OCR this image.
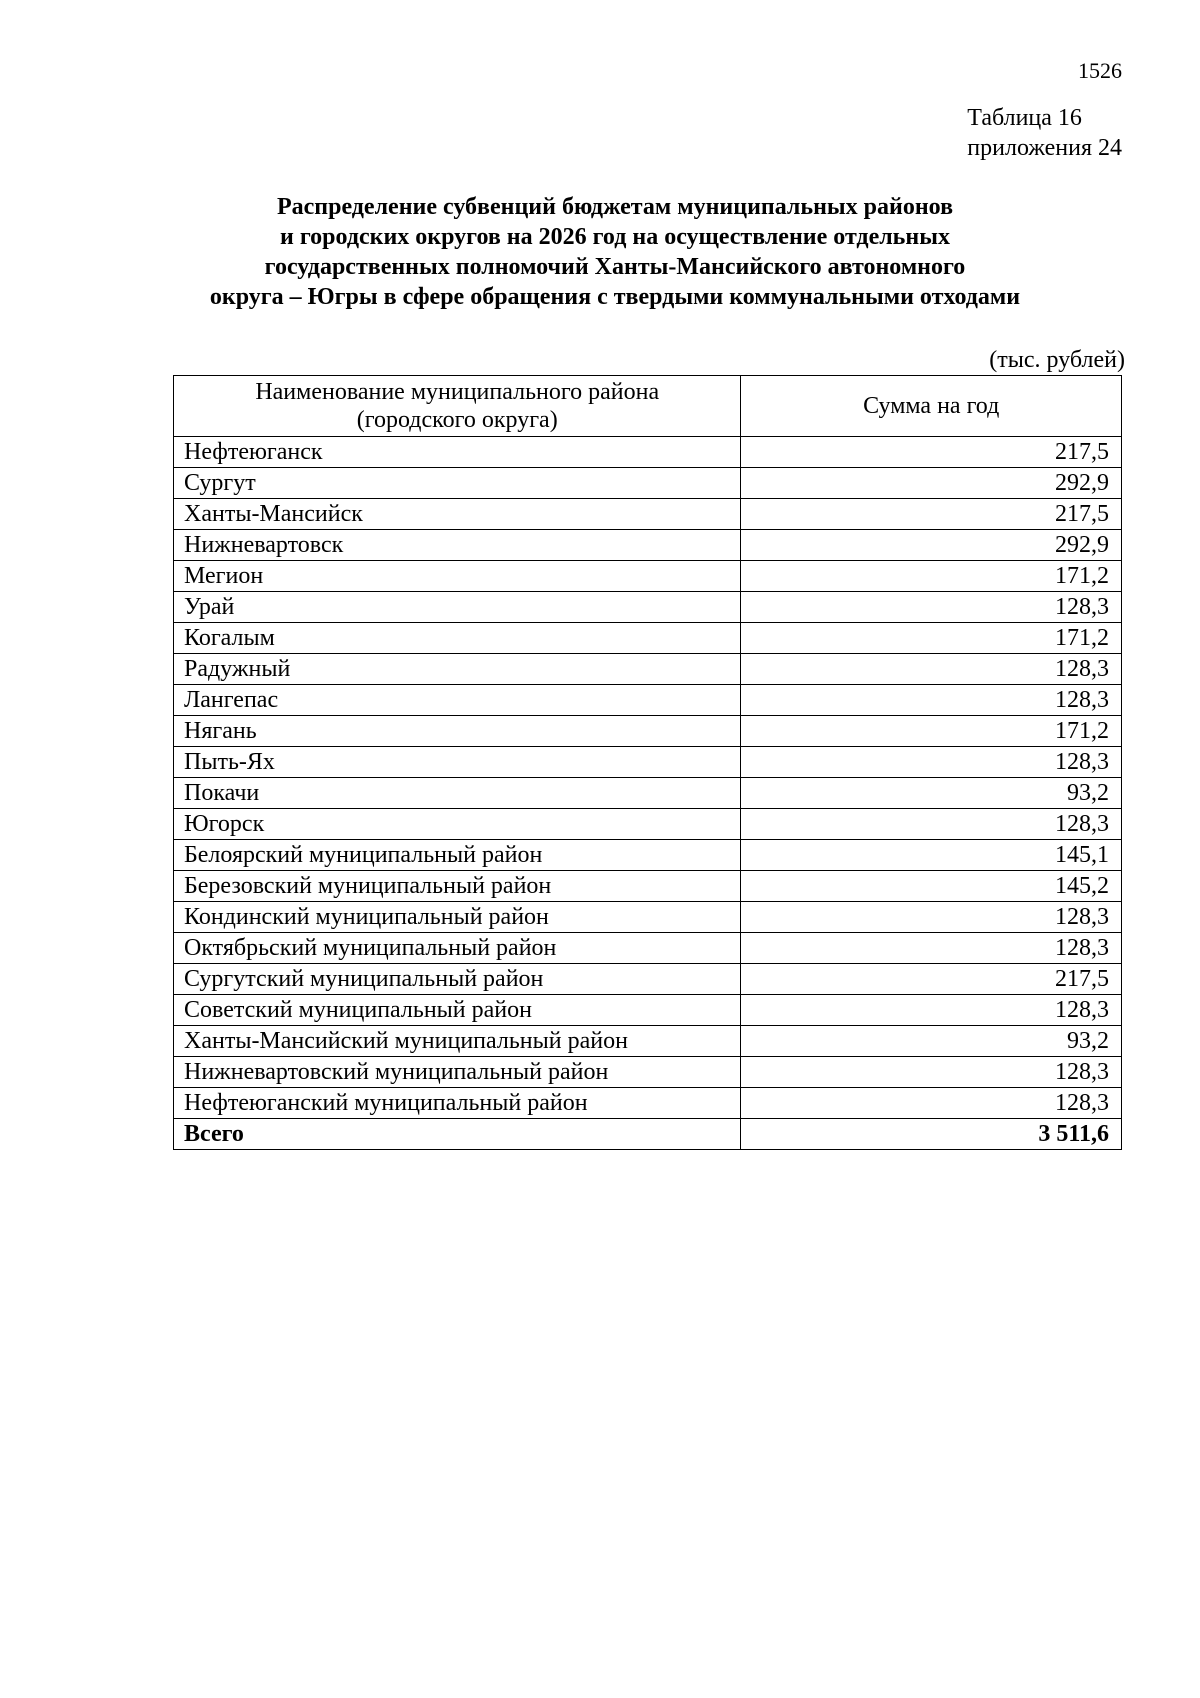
1526
Таблица 16
приложения 24
Распределение субвенций бюджетам муниципальных районов
и городских округов на 2026 год на осуществление отдельных
государственных полномочий Ханты-Мансийского автономного
округа – Югры в сфере обращения с твердыми коммунальными отходами
(тыс. рублей)
Наименование муниципального района
(городского округа)	Сумма на год
Нефтеюганск	217,5
Сургут	292,9
Ханты-Мансийск	217,5
Нижневартовск	292,9
Мегион	171,2
Урай	128,3
Когалым	171,2
Радужный	128,3
Лангепас	128,3
Нягань	171,2
Пыть-Ях	128,3
Покачи	93,2
Югорск	128,3
Белоярский муниципальный район	145,1
Березовский муниципальный район	145,2
Кондинский муниципальный район	128,3
Октябрьский муниципальный район	128,3
Сургутский муниципальный район	217,5
Советский муниципальный район	128,3
Ханты-Мансийский муниципальный район	93,2
Нижневартовский муниципальный район	128,3
Нефтеюганский муниципальный район	128,3
Всего	3 511,6
